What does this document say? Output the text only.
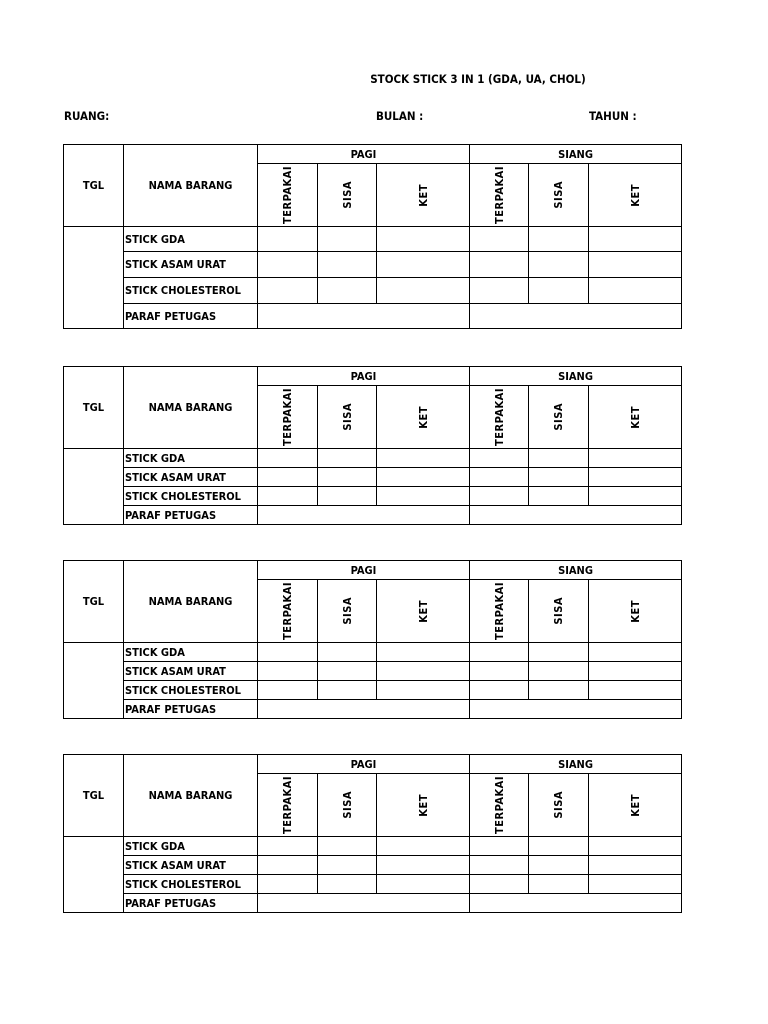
STOCK STICK 3 IN 1 (GDA, UA, CHOL)
RUANG:	BULAN :	TAHUN :
TGL	NAMA BARANG	PAGI			SIANG		

		TERPAKAI	SISA	KET	TERPAKAI	SISA	KET

	STICK GDA						
	STICK ASAM URAT						
	STICK CHOLESTEROL						
	PARAF PETUGAS						
TGL	NAMA BARANG	PAGI			SIANG		

		TERPAKAI	SISA	KET	TERPAKAI	SISA	KET

	STICK GDA						
	STICK ASAM URAT						
	STICK CHOLESTEROL						
	PARAF PETUGAS						
TGL	NAMA BARANG	PAGI			SIANG		

		TERPAKAI	SISA	KET	TERPAKAI	SISA	KET

	STICK GDA						
	STICK ASAM URAT						
	STICK CHOLESTEROL						
	PARAF PETUGAS						
TGL	NAMA BARANG	PAGI			SIANG		

		TERPAKAI	SISA	KET	TERPAKAI	SISA	KET

	STICK GDA						
	STICK ASAM URAT						
	STICK CHOLESTEROL						
	PARAF PETUGAS						
